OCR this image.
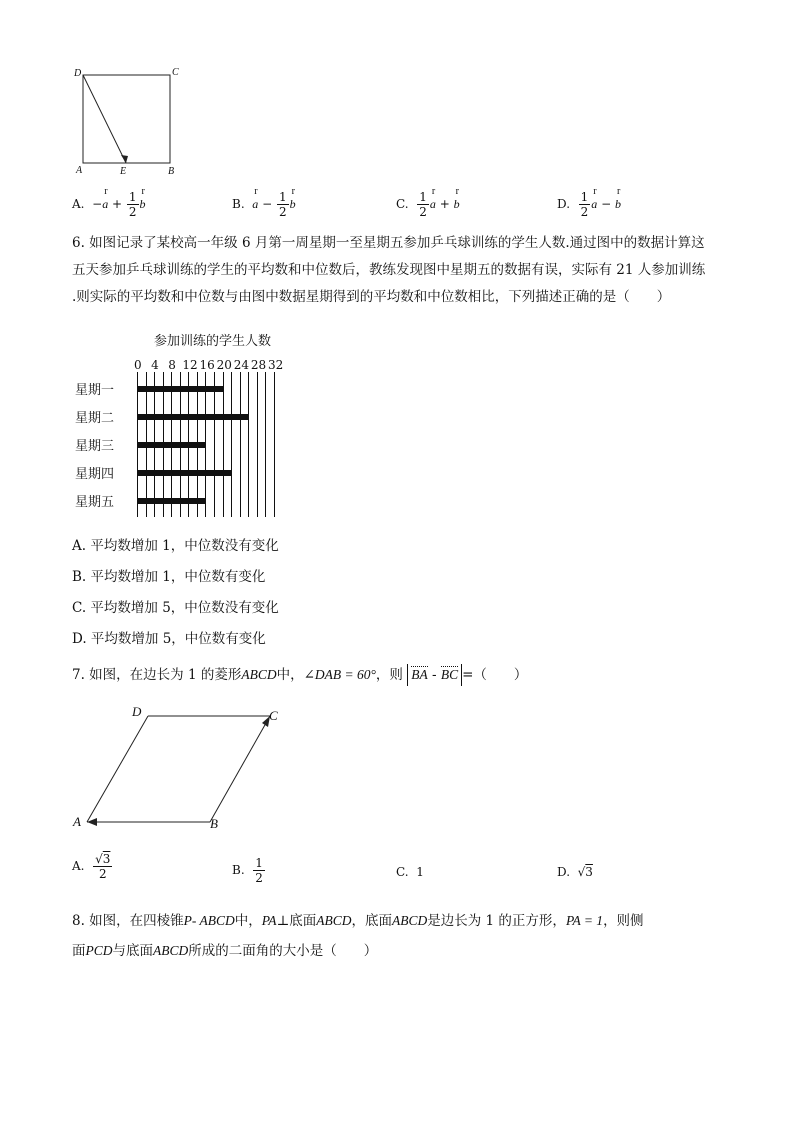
D	C
A	E	B
A. −r $a + \frac{1}{2}$ r b	B. r $a - \frac{1}{2}$ r b	C. $\frac{1}{2}$ r a + r b	D. $\frac{1}{2}$ r a − r b
6. 如图记录了某校高一年级 6 月第一周星期一至星期五参加乒乓球训练的学生人数.通过图中的数据计算这
五天参加乒乓球训练的学生的平均数和中位数后，教练发现图中星期五的数据有误，实际有 21 人参加训练
.则实际的平均数和中位数与由图中数据星期得到的平均数和中位数相比，下列描述正确的是（　　）
参加训练的学生人数
0 4 8 12 16 20 24 28 32
星期一
星期二
星期三
星期四
星期五
A. 平均数增加 1，中位数没有变化
B. 平均数增加 1，中位数有变化
C. 平均数增加 5，中位数没有变化
D. 平均数增加 5，中位数有变化
7. 如图，在边长为 1 的菱形ABCD中，∠DAB = 60°，则 BA - BC =（　　）
D	C
A	B
A. $\frac{√3}{2}$	B. $\frac{1}{2}$	C. 1	D.  √3
8. 如图，在四棱锥P- ABCD中，PA⊥底面ABCD，底面ABCD是边长为 1 的正方形，PA = 1，则侧
面PCD与底面ABCD所成的二面角的大小是（　　）
